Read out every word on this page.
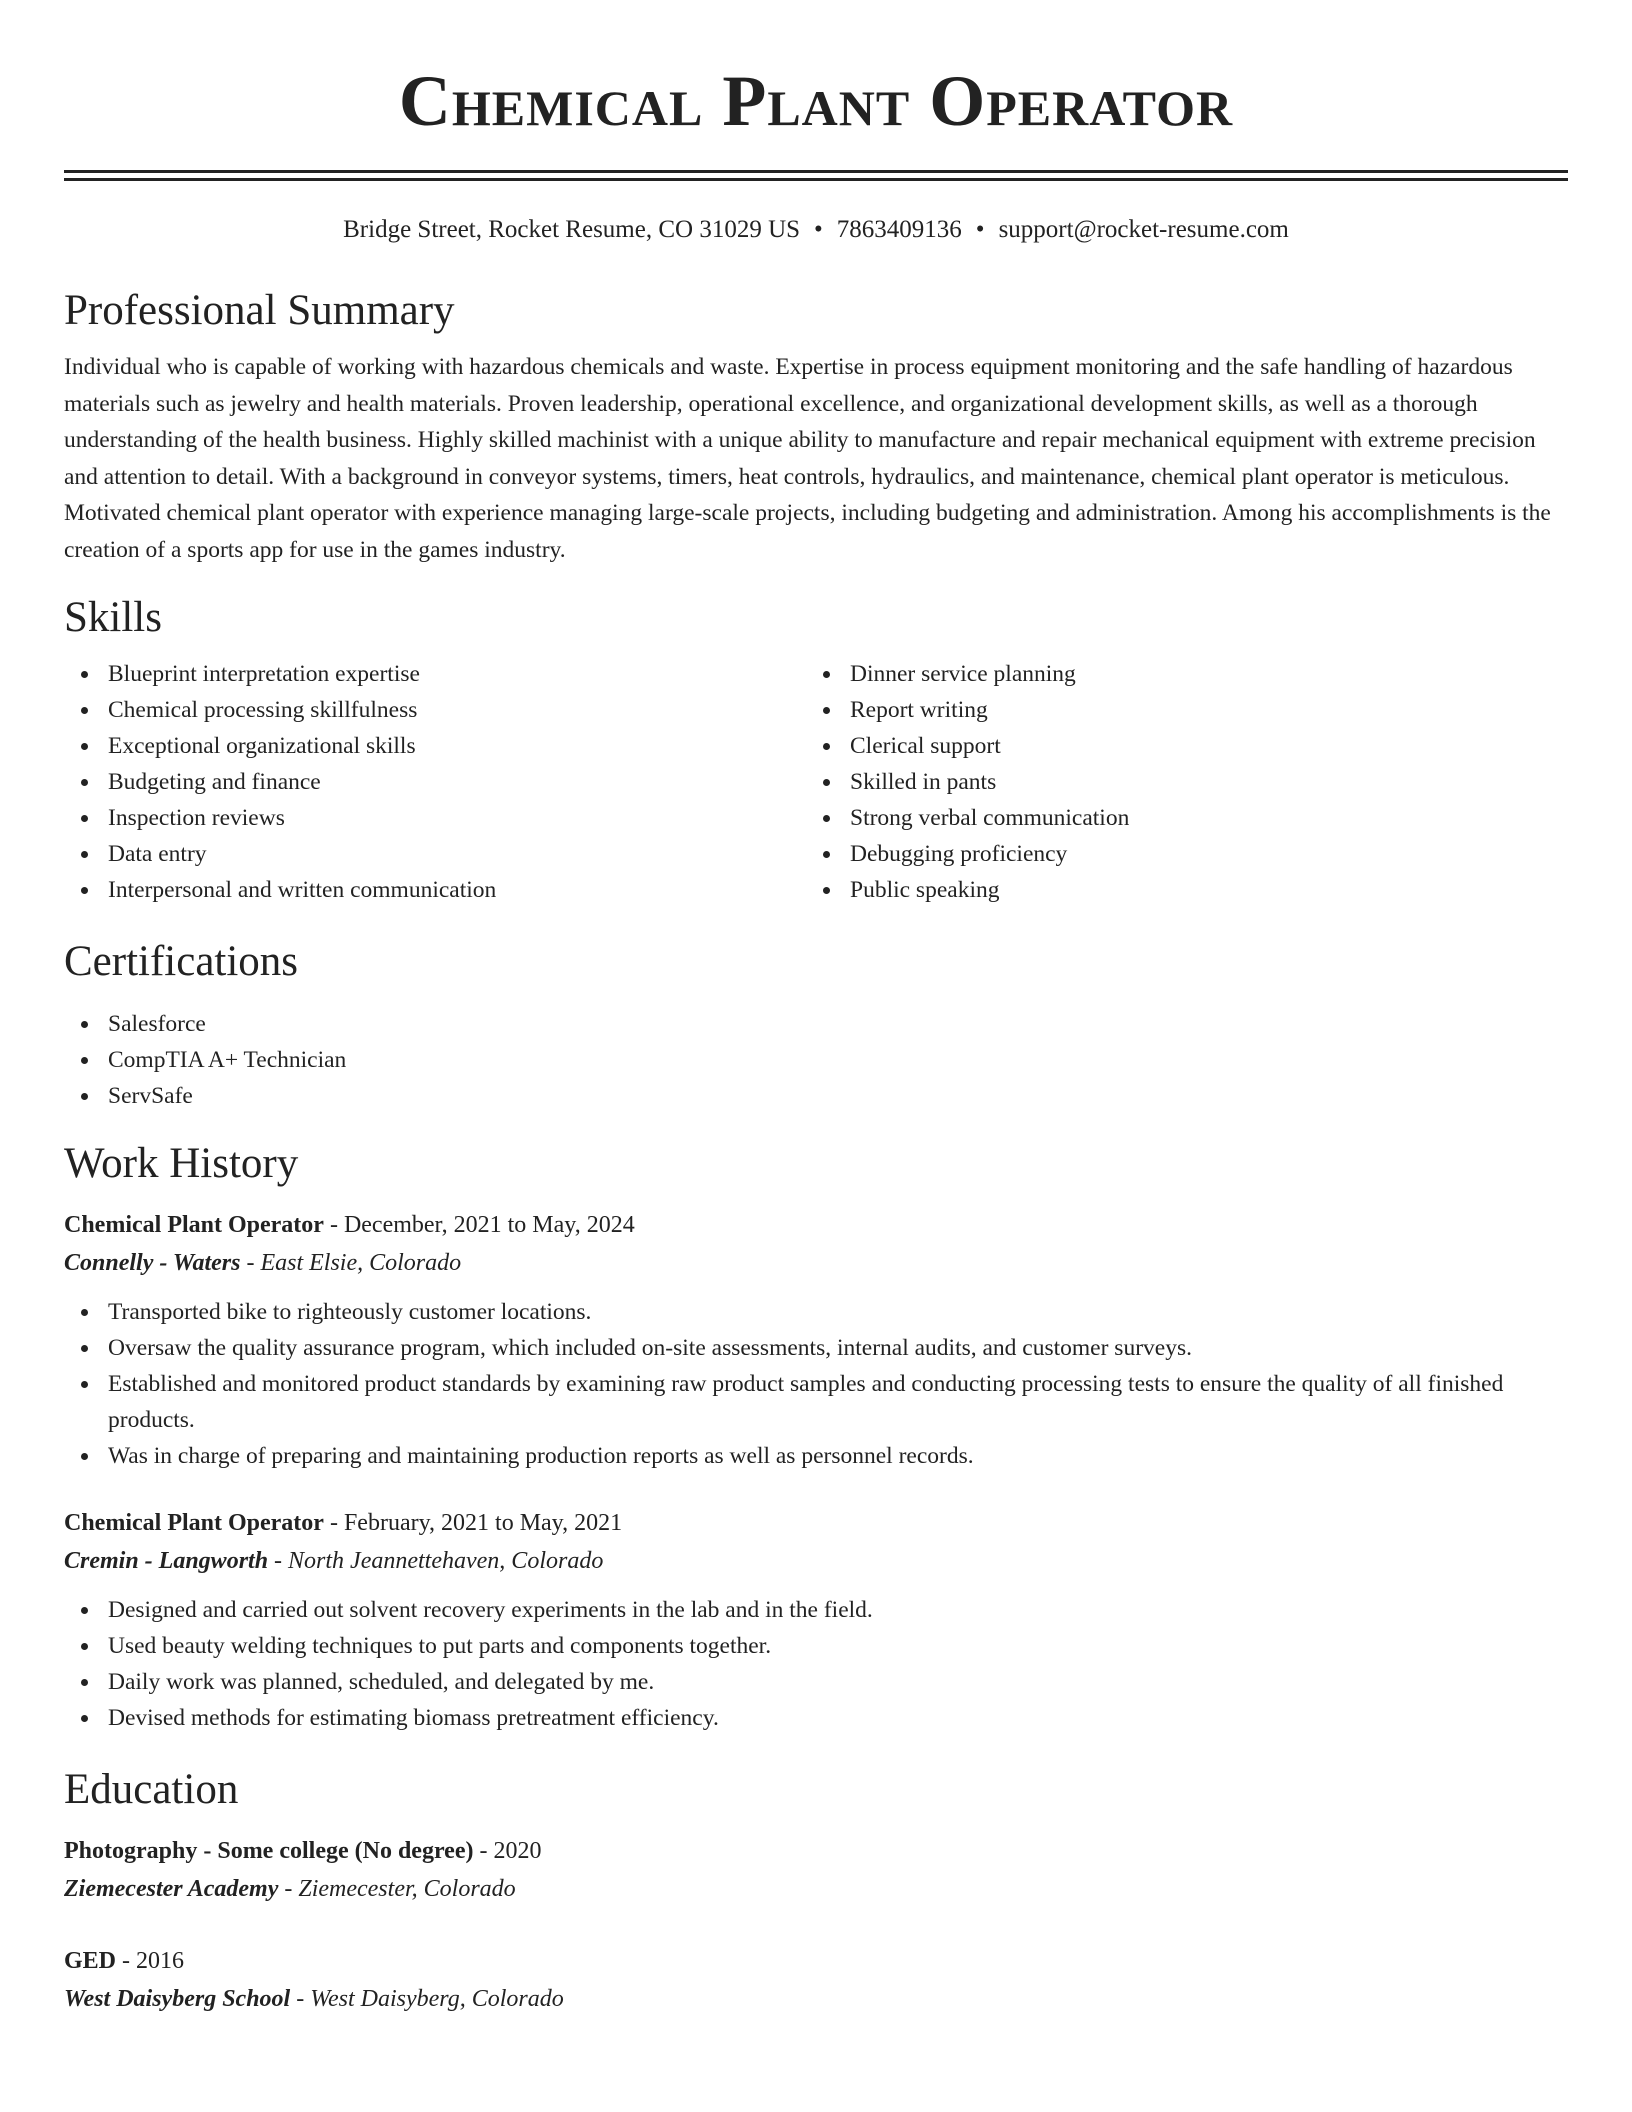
Chemical Plant Operator
Bridge Street, Rocket Resume, CO 31029 US • 7863409136 • support@rocket-resume.com
Professional Summary

Individual who is capable of working with hazardous chemicals and waste. Expertise in process equipment monitoring and the safe handling of hazardous materials such as jewelry and health materials. Proven leadership, operational excellence, and organizational development skills, as well as a thorough understanding of the health business. Highly skilled machinist with a unique ability to manufacture and repair mechanical equipment with extreme precision and attention to detail. With a background in conveyor systems, timers, heat controls, hydraulics, and maintenance, chemical plant operator is meticulous. Motivated chemical plant operator with experience managing large-scale projects, including budgeting and administration. Among his accomplishments is the creation of a sports app for use in the games industry.

Skills
Blueprint interpretation expertise
Chemical processing skillfulness
Exceptional organizational skills
Budgeting and finance
Inspection reviews
Data entry
Interpersonal and written communication
Dinner service planning
Report writing
Clerical support
Skilled in pants
Strong verbal communication
Debugging proficiency
Public speaking
Certifications
Salesforce
CompTIA A+ Technician
ServSafe
Work History
Chemical Plant Operator - December, 2021 to May, 2024
Connelly - Waters - East Elsie, Colorado
Transported bike to righteously customer locations.
Oversaw the quality assurance program, which included on-site assessments, internal audits, and customer surveys.
Established and monitored product standards by examining raw product samples and conducting processing tests to ensure the quality of all finished products.
Was in charge of preparing and maintaining production reports as well as personnel records.
Chemical Plant Operator - February, 2021 to May, 2021
Cremin - Langworth - North Jeannettehaven, Colorado
Designed and carried out solvent recovery experiments in the lab and in the field.
Used beauty welding techniques to put parts and components together.
Daily work was planned, scheduled, and delegated by me.
Devised methods for estimating biomass pretreatment efficiency.
Education
Photography - Some college (No degree) - 2020
Ziemecester Academy - Ziemecester, Colorado
GED - 2016
West Daisyberg School - West Daisyberg, Colorado
